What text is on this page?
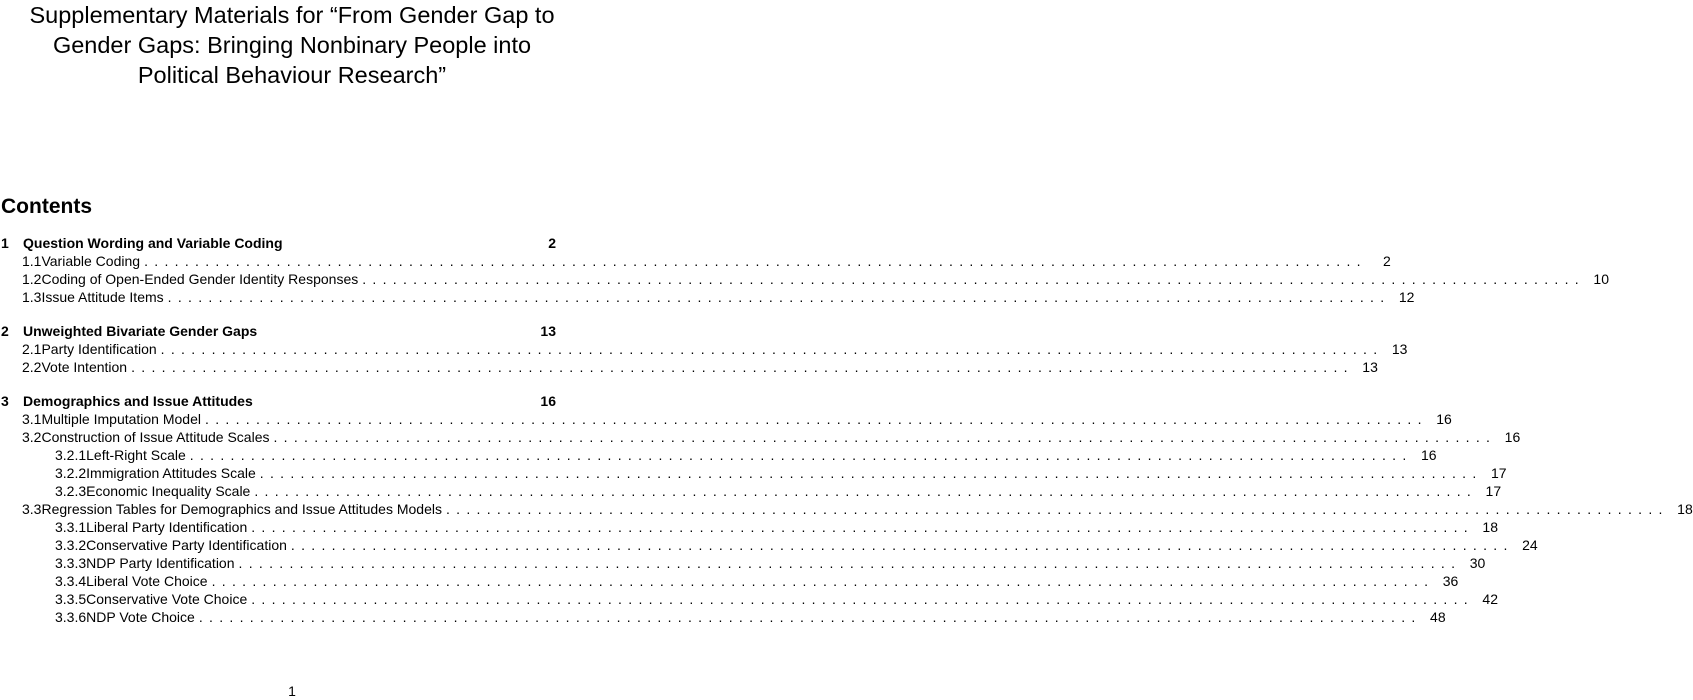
Supplementary Materials for “From Gender Gap to
Gender Gaps: Bringing Nonbinary People into
Political Behaviour Research”
Contents
1	Question Wording and Variable Coding	2
1.1 Variable Coding ........................................................................................................................	2
1.2 Coding of Open-Ended Gender Identity Responses ........................................................................................................................ 10
1.3 Issue Attitude Items ........................................................................................................................ 12
2	Unweighted Bivariate Gender Gaps	13
2.1 Party Identification ........................................................................................................................ 13
2.2 Vote Intention ........................................................................................................................ 13
3	Demographics and Issue Attitudes	16
3.1 Multiple Imputation Model ........................................................................................................................ 16
3.2 Construction of Issue Attitude Scales ........................................................................................................................ 16
3.2.1 Left-Right Scale ........................................................................................................................ 16
3.2.2 Immigration Attitudes Scale ........................................................................................................................ 17
3.2.3 Economic Inequality Scale ........................................................................................................................ 17
3.3 Regression Tables for Demographics and Issue Attitudes Models ........................................................................................................................ 18
3.3.1 Liberal Party Identification ........................................................................................................................ 18
3.3.2 Conservative Party Identification ........................................................................................................................ 24
3.3.3 NDP Party Identification ........................................................................................................................ 30
3.3.4 Liberal Vote Choice ........................................................................................................................ 36
3.3.5 Conservative Vote Choice ........................................................................................................................ 42
3.3.6 NDP Vote Choice ........................................................................................................................ 48
1
